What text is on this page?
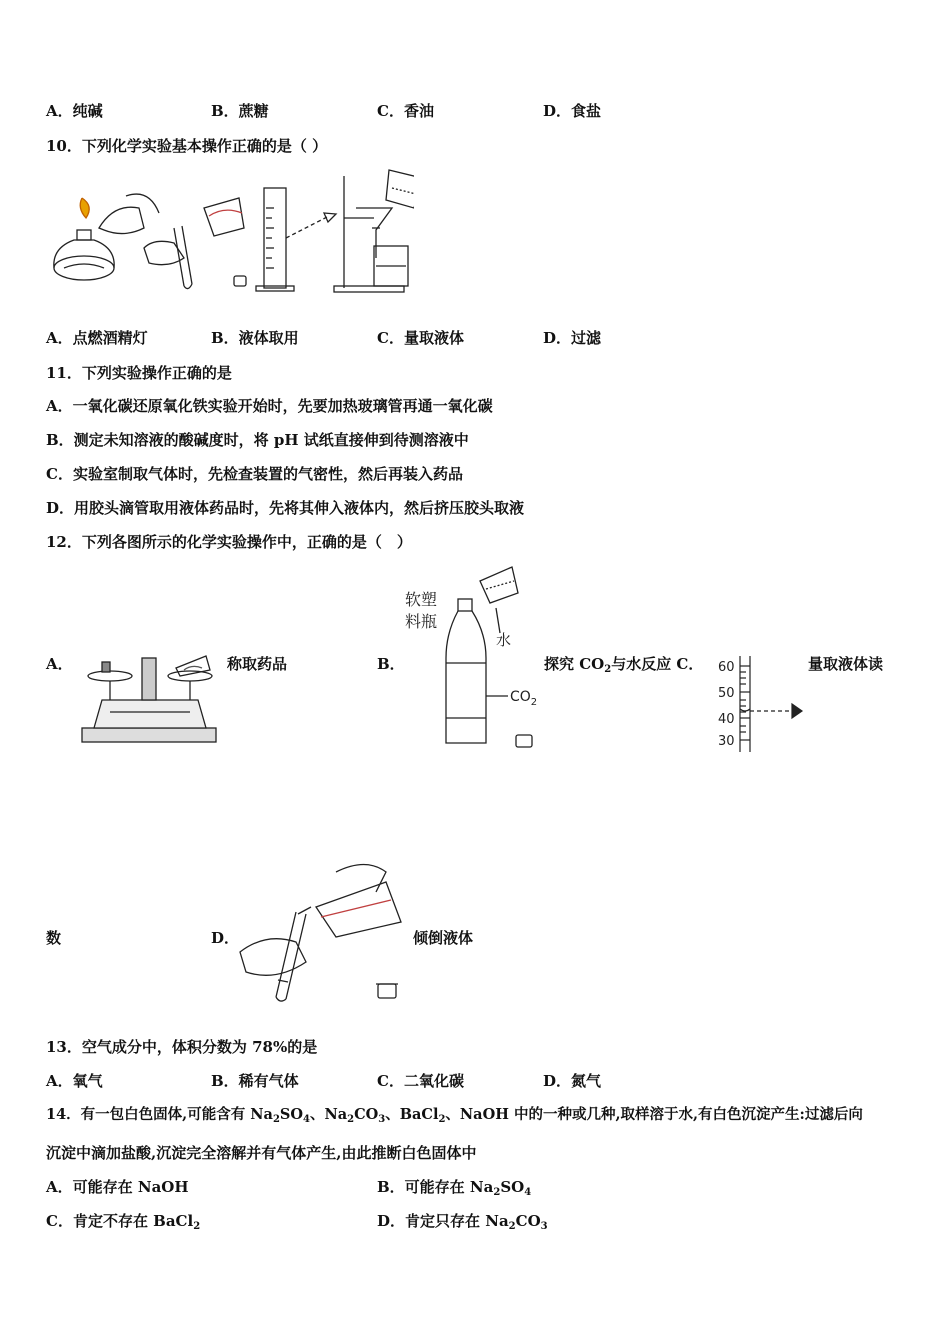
A．纯碱	B．蔗糖	C．香油	D．食盐
10．下列化学实验基本操作正确的是（ ）
A．点燃酒精灯	B．液体取用	C．量取液体	D．过滤
11．下列实验操作正确的是
A．一氧化碳还原氧化铁实验开始时，先要加热玻璃管再通一氧化碳
B．测定未知溶液的酸碱度时，将 pH 试纸直接伸到待测溶液中
C．实验室制取气体时，先检查装置的气密性，然后再装入药品
D．用胶头滴管取用液体药品时，先将其伸入液体内，然后挤压胶头取液
12．下列各图所示的化学实验操作中，正确的是（　）
A．	称取药品	B．
软塑
料瓶
水
$CO_2$
探究 $CO_2$与水反应 C． 60
50
40
30
量取液体读
数	D．	倾倒液体
13．空气成分中，体积分数为 78%的是
A．氧气	B．稀有气体	C．二氧化碳	D．氮气
14．有一包白色固体,可能含有 $Na_2SO_4$、$Na_2CO_3$、BaCl$_2$、NaOH 中的一种或几种,取样溶于水,有白色沉淀产生:过滤后向
沉淀中滴加盐酸,沉淀完全溶解并有气体产生,由此推断白色固体中
A．可能存在 NaOH	B．可能存在 $Na_2SO_4$
C．肯定不存在 BaCl$_2$	D．肯定只存在 $Na_2CO_3$
